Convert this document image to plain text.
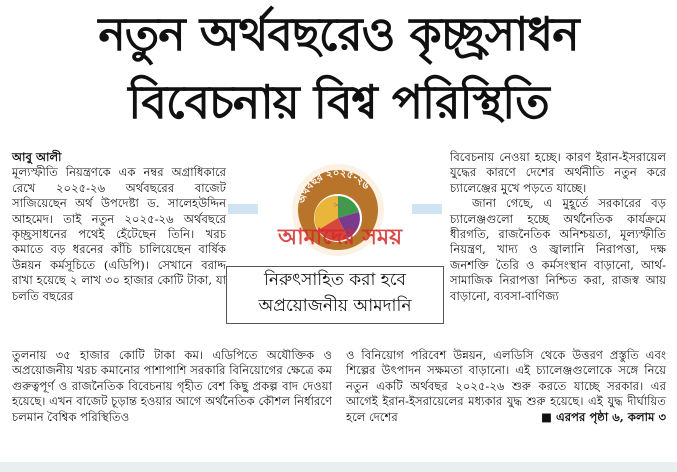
নতুন অর্থবছরেও কৃচ্ছ্রসাধন
বিবেচনায় বিশ্ব পরিস্থিতি

আবু আলী

মূল্যস্ফীতি নিয়ন্ত্রণকে এক নম্বর অগ্রাধিকারে রেখে ২০২৫-২৬ অর্থবছরের বাজেট সাজিয়েছেন অর্থ উপদেষ্টা ড. সালেহউদ্দিন আহমেদ। তাই নতুন ২০২৫-২৬ অর্থবছরে কৃচ্ছ্রসাধনের পথেই হেঁটেছেন তিনি। খরচ কমাতে বড় ধরনের কাঁচি চালিয়েছেন বার্ষিক উন্নয়ন কর্মসূচিতে (এডিপি)। সেখানে বরাদ্দ রাখা হয়েছে ২ লাখ ৩০ হাজার কোটি টাকা, যা চলতি বছরের

অর্থবছর ২০২৫-২৬
দৈনিক
আমাদের সময়
নিরুৎসাহিত করা হবে
অপ্রয়োজনীয় আমদানি

বিবেচনায় নেওয়া হচ্ছে। কারণ ইরান-ইসরায়েল যুদ্ধের কারণে দেশের অর্থনীতি নতুন করে চ্যালেঞ্জের মুখে পড়তে যাচ্ছে।

জানা গেছে, এ মুহূর্তে সরকারের বড় চ্যালেঞ্জগুলো হচ্ছে অর্থনৈতিক কার্যক্রমে ধীরগতি, রাজনৈতিক অনিশ্চয়তা, মূল্যস্ফীতি নিয়ন্ত্রণ, খাদ্য ও জ্বালানি নিরাপত্তা, দক্ষ জনশক্তি তৈরি ও কর্মসংস্থান বাড়ানো, আর্থ-সামাজিক নিরাপত্তা নিশ্চিত করা, রাজস্ব আয় বাড়ানো, ব্যবসা-বাণিজ্য

তুলনায় ৩৫ হাজার কোটি টাকা কম। এডিপিতে অযৌক্তিক ও অপ্রয়োজনীয় খরচ কমানোর পাশাপাশি সরকারি বিনিয়োগের ক্ষেত্রে কম গুরুত্বপূর্ণ ও রাজনৈতিক বিবেচনায় গৃহীত বেশ কিছু প্রকল্প বাদ দেওয়া হয়েছে। এখন বাজেট চূড়ান্ত হওয়ার আগে অর্থনৈতিক কৌশল নির্ধারণে চলমান বৈশ্বিক পরিস্থিতিও
ও বিনিয়োগ পরিবেশ উন্নয়ন, এলডিসি থেকে উত্তরণ প্রস্তুতি এবং শিল্পের উৎপাদন সক্ষমতা বাড়ানো। এই চ্যালেঞ্জগুলোকে সঙ্গে নিয়ে নতুন একটি অর্থবছর ২০২৫-২৬ শুরু করতে যাচ্ছে সরকার। এর আগেই ইরান-ইসরায়েলের মধ্যকার যুদ্ধ শুরু হয়েছে। এই যুদ্ধ দীর্ঘায়িত হলে দেশের	■ এরপর পৃষ্ঠা ৬, কলাম ৩
